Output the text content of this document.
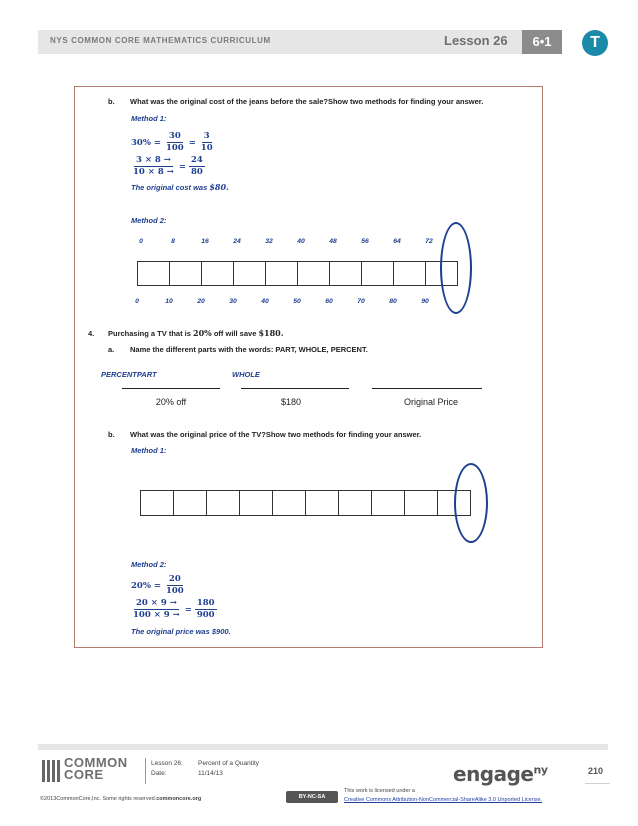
NYS COMMON CORE MATHEMATICS CURRICULUM	Lesson 26	6•1	T
b. What was the original cost of the jeans before the sale?Show two methods for finding your answer.
Method 1:
$30\% = \frac{30}{100} = \frac{3}{10}$
$\frac{3 \times 8 \to}{10 \times 8 \to} = \frac{24}{80}$
The original cost was $80.
Method 2:
0	8	16	24	32	40	48	56	64	72
0	10	20	30	40	50	60	70	80	90
4. Purchasing a TV that is 20% off will save $180.
a. Name the different parts with the words: PART, WHOLE, PERCENT.
PERCENTPART	WHOLE
20% off	$180	Original Price
b. What was the original price of the TV?Show two methods for finding your answer.
Method 1:
Method 2:
$20\% = \frac{20}{100}$
$\frac{20 \times 9 \to}{100 \times 9 \to} = \frac{180}{900}$
The original price was $900.
COMMON
CORE
Lesson 26: Percent of a Quantity
Date:	11/14/13	engage$^{ny}$	210
©2013CommonCore,Inc. Some rights reserved.commoncore.org	BY-NC-SA
This work is licensed under a
Creative Commons Attribution-NonCommercial-ShareAlike 3.0 Unported License.
